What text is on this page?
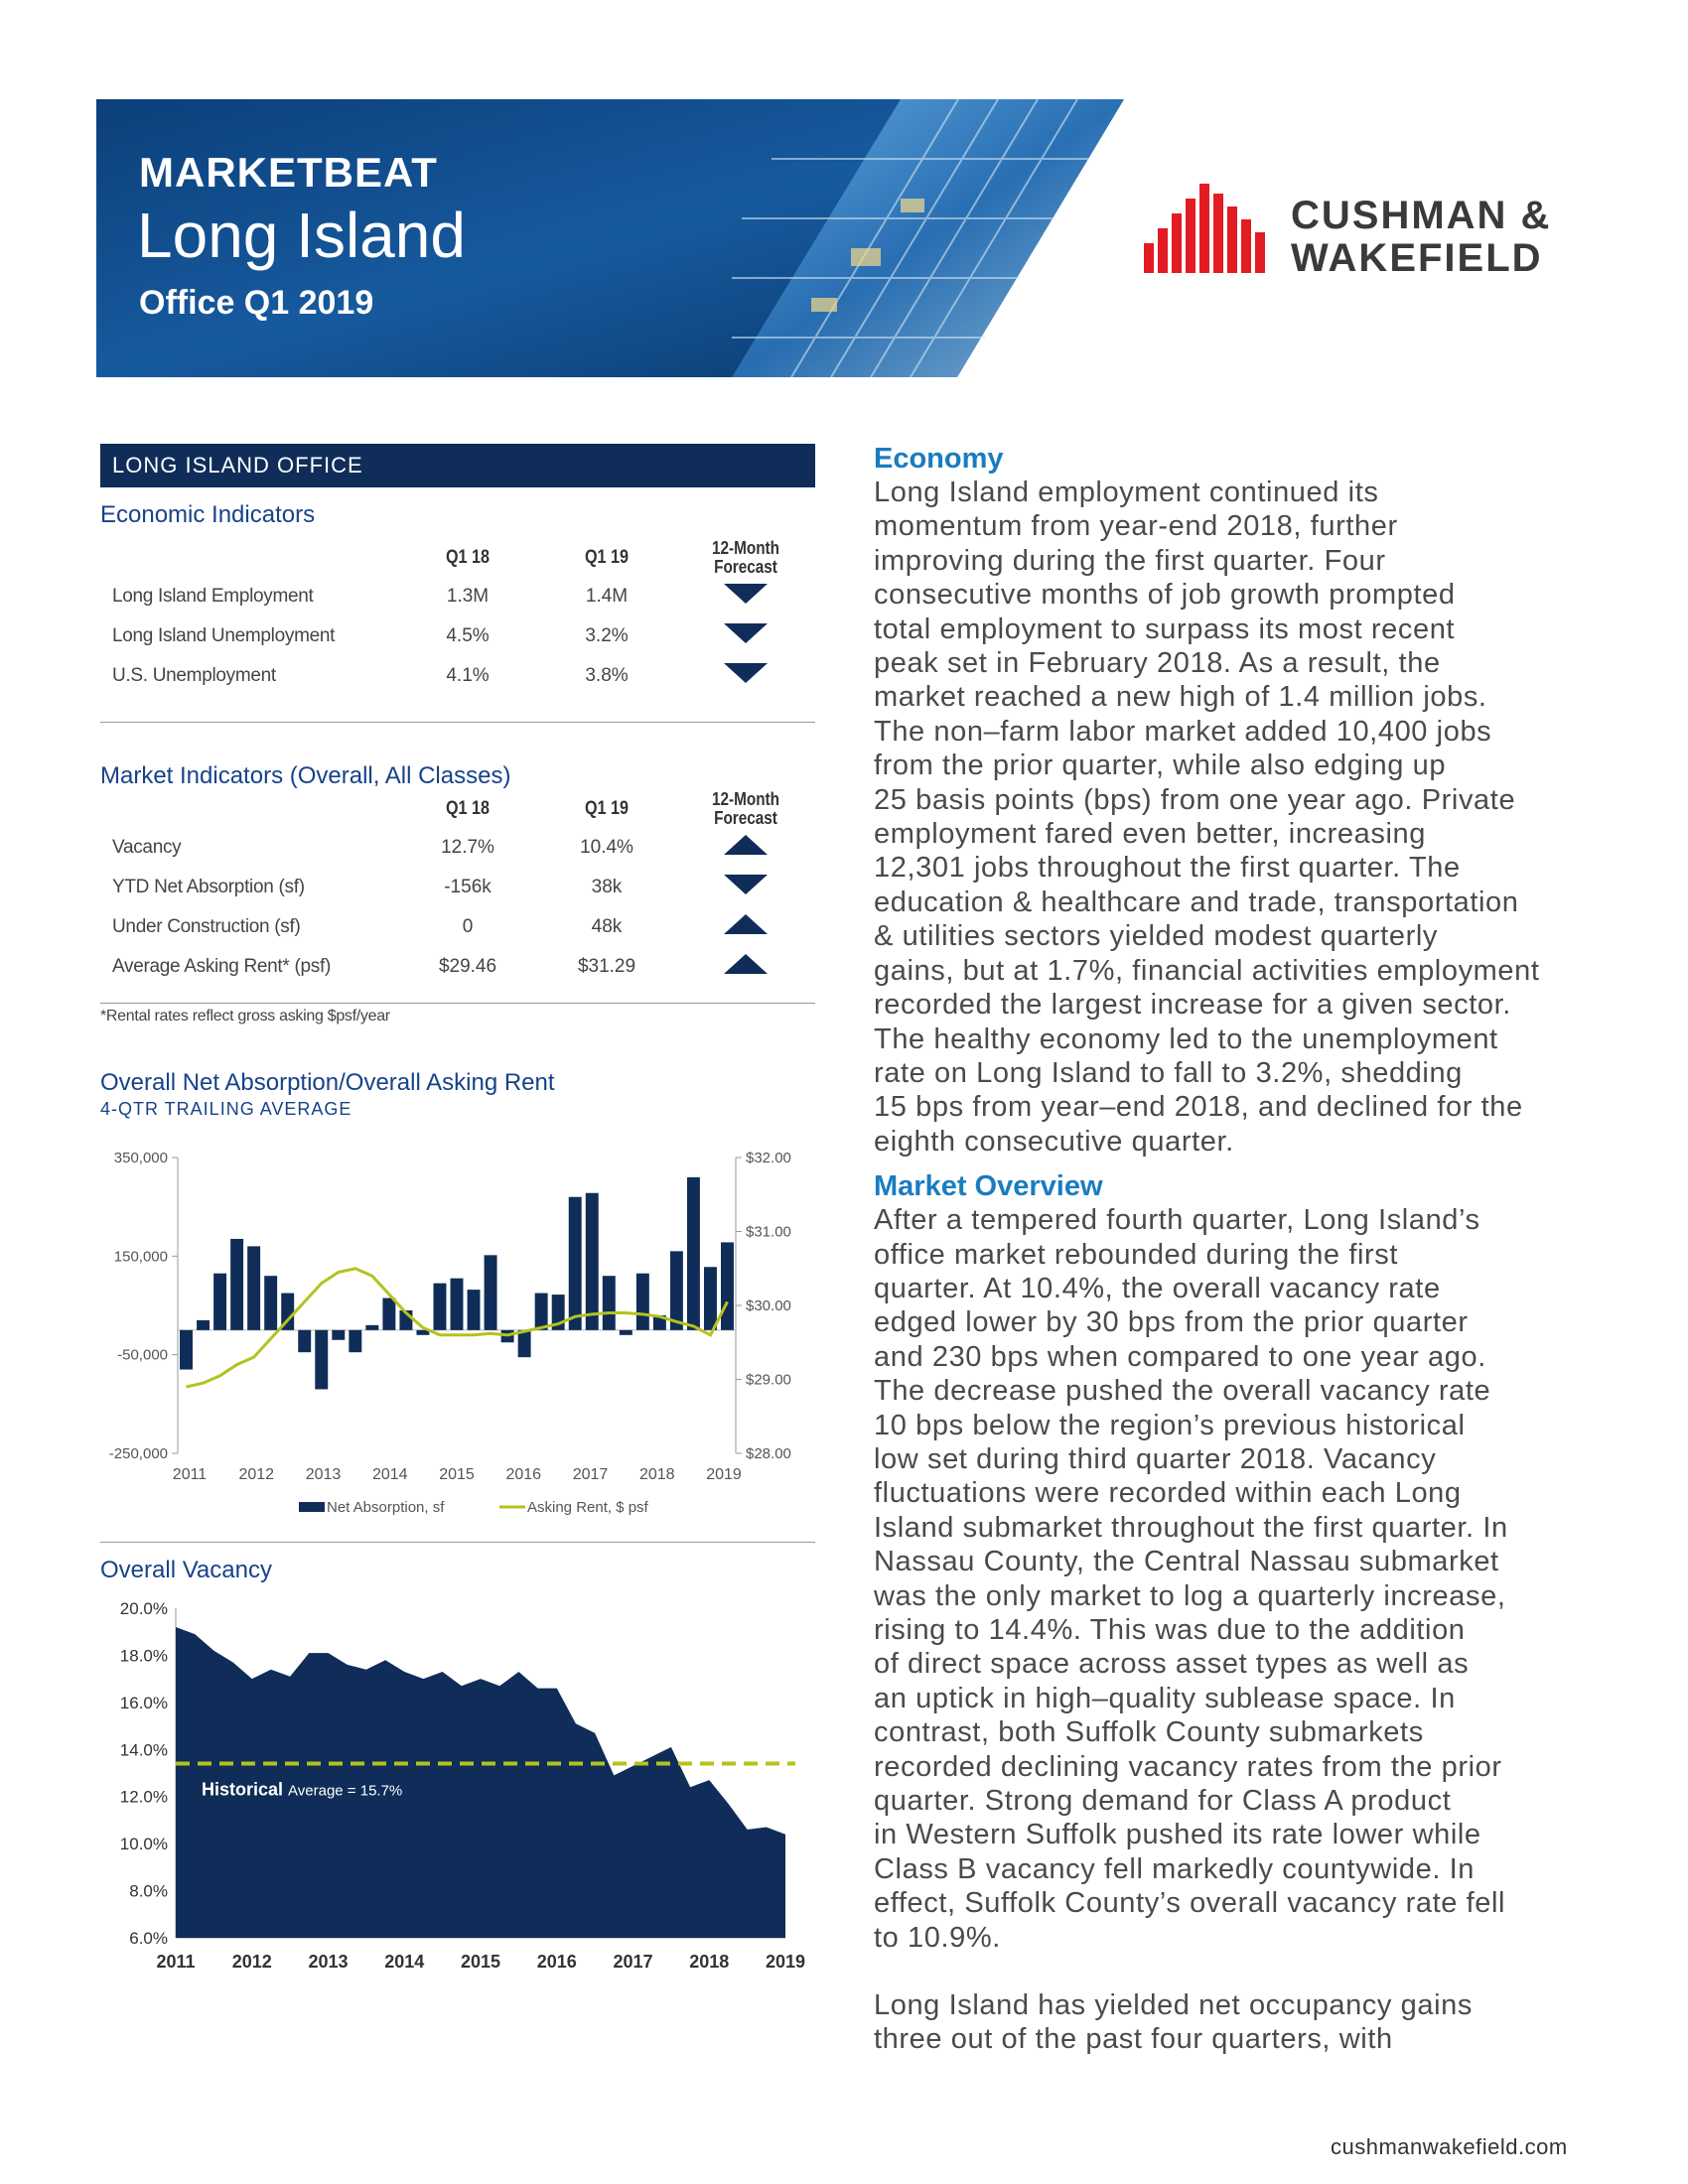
MARKETBEAT
Long Island
Office Q1 2019
CUSHMAN &
WAKEFIELD
LONG ISLAND OFFICE
Economic Indicators
	Q1 18	Q1 19	12-Month
Forecast

Long Island Employment	1.3M	1.4M	
Long Island Unemployment	4.5%	3.2%	
U.S. Unemployment	4.1%	3.8%	
Market Indicators (Overall, All Classes)
	Q1 18	Q1 19	12-Month
Forecast

Vacancy	12.7%	10.4%	
YTD Net Absorption (sf)	-156k	38k	
Under Construction (sf)	0	48k	
Average Asking Rent* (psf)	$29.46	$31.29	
*Rental rates reflect gross asking $psf/year
Overall Net Absorption/Overall Asking Rent
4-QTR TRAILING AVERAGE
350,000
150,000
-50,000
-250,000
$32.00
$31.00
$30.00
$29.00
$28.00
2011 2012 2013 2014 2015 2016 2017 2018 2019
Net Absorption, sf	Asking Rent, $ psf
Overall Vacancy
20.0%
18.0%
16.0%
14.0%
12.0%
10.0%
8.0%
6.0%
2011 2012 2013 2014 2015 2016 2017 2018 2019
Historical Average = 15.7%
Economy
Long Island employment continued its
momentum from year-end 2018, further
improving during the first quarter. Four
consecutive months of job growth prompted
total employment to surpass its most recent
peak set in February 2018. As a result, the
market reached a new high of 1.4 million jobs.
The non–farm labor market added 10,400 jobs
from the prior quarter, while also edging up
25 basis points (bps) from one year ago. Private
employment fared even better, increasing
12,301 jobs throughout the first quarter. The
education & healthcare and trade, transportation
& utilities sectors yielded modest quarterly
gains, but at 1.7%, financial activities employment
recorded the largest increase for a given sector.
The healthy economy led to the unemployment
rate on Long Island to fall to 3.2%, shedding
15 bps from year–end 2018, and declined for the
eighth consecutive quarter.
Market Overview
After a tempered fourth quarter, Long Island’s
office market rebounded during the first
quarter. At 10.4%, the overall vacancy rate
edged lower by 30 bps from the prior quarter
and 230 bps when compared to one year ago.
The decrease pushed the overall vacancy rate
10 bps below the region’s previous historical
low set during third quarter 2018. Vacancy
fluctuations were recorded within each Long
Island submarket throughout the first quarter. In
Nassau County, the Central Nassau submarket
was the only market to log a quarterly increase,
rising to 14.4%. This was due to the addition
of direct space across asset types as well as
an uptick in high–quality sublease space. In
contrast, both Suffolk County submarkets
recorded declining vacancy rates from the prior
quarter. Strong demand for Class A product
in Western Suffolk pushed its rate lower while
Class B vacancy fell markedly countywide. In
effect, Suffolk County’s overall vacancy rate fell
to 10.9%.
Long Island has yielded net occupancy gains
three out of the past four quarters, with
cushmanwakefield.com
